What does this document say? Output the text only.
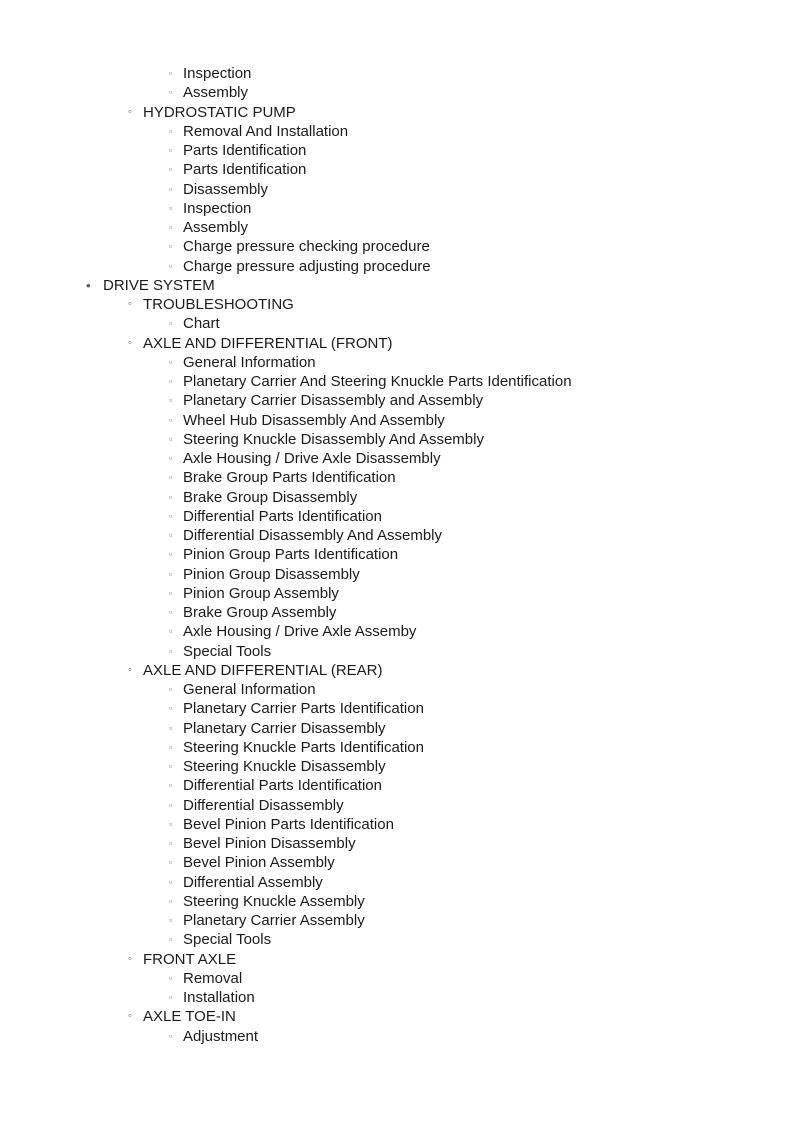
▫ Inspection
▫ Assembly
◦ HYDROSTATIC PUMP
▫ Removal And Installation
▫ Parts Identification
▫ Parts Identification
▫ Disassembly
▫ Inspection
▫ Assembly
▫ Charge pressure checking procedure
▫ Charge pressure adjusting procedure
• DRIVE SYSTEM
◦ TROUBLESHOOTING
▫ Chart
◦ AXLE AND DIFFERENTIAL (FRONT)
▫ General Information
▫ Planetary Carrier And Steering Knuckle Parts Identification
▫ Planetary Carrier Disassembly and Assembly
▫ Wheel Hub Disassembly And Assembly
▫ Steering Knuckle Disassembly And Assembly
▫ Axle Housing / Drive Axle Disassembly
▫ Brake Group Parts Identification
▫ Brake Group Disassembly
▫ Differential Parts Identification
▫ Differential Disassembly And Assembly
▫ Pinion Group Parts Identification
▫ Pinion Group Disassembly
▫ Pinion Group Assembly
▫ Brake Group Assembly
▫ Axle Housing / Drive Axle Assemby
▫ Special Tools
◦ AXLE AND DIFFERENTIAL (REAR)
▫ General Information
▫ Planetary Carrier Parts Identification
▫ Planetary Carrier Disassembly
▫ Steering Knuckle Parts Identification
▫ Steering Knuckle Disassembly
▫ Differential Parts Identification
▫ Differential Disassembly
▫ Bevel Pinion Parts Identification
▫ Bevel Pinion Disassembly
▫ Bevel Pinion Assembly
▫ Differential Assembly
▫ Steering Knuckle Assembly
▫ Planetary Carrier Assembly
▫ Special Tools
◦ FRONT AXLE
▫ Removal
▫ Installation
◦ AXLE TOE-IN
▫ Adjustment
